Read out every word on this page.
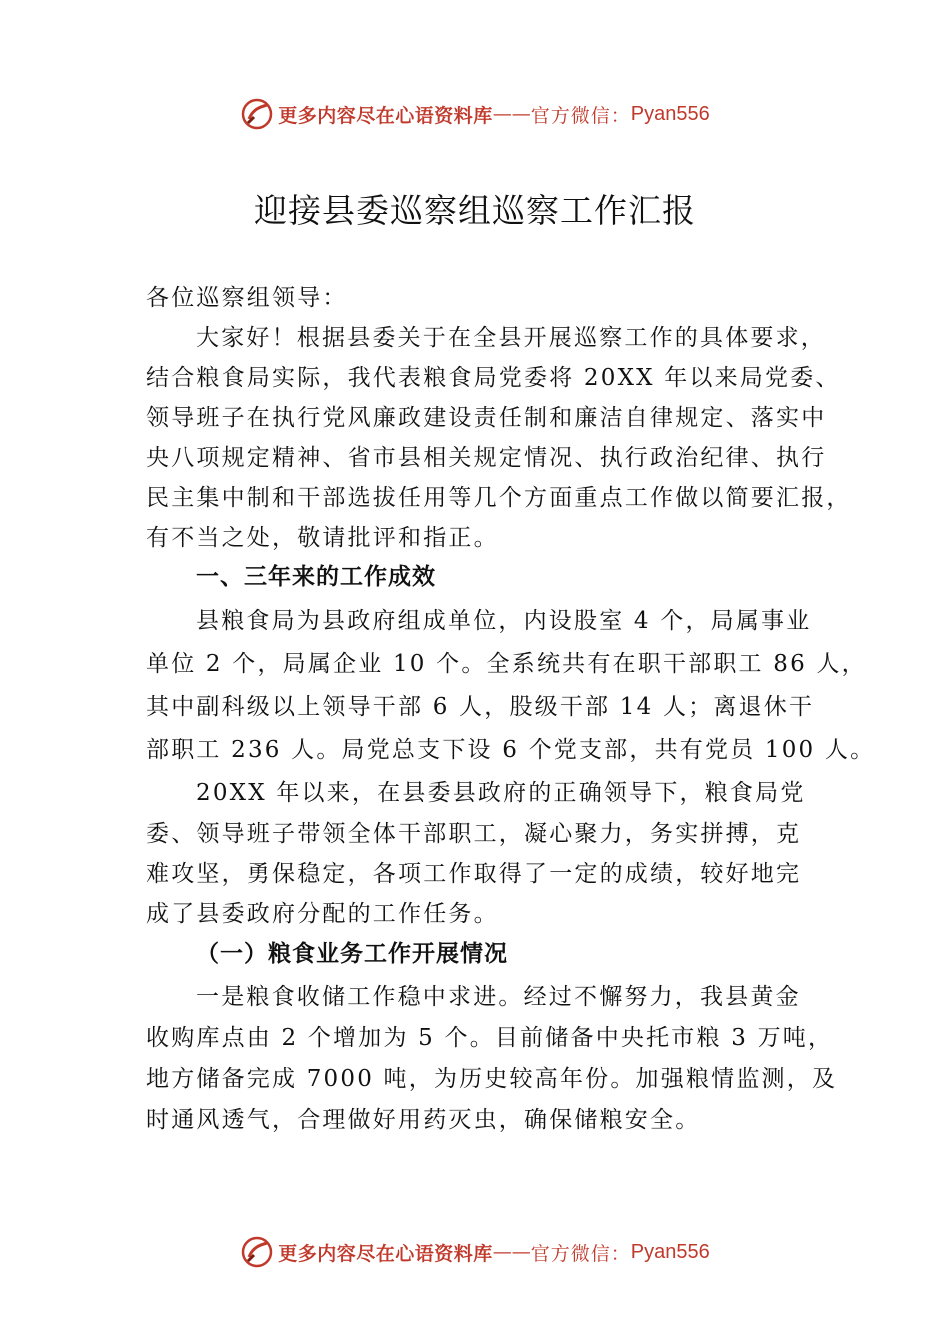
更多内容尽在心语资料库 —— 官方微信： Pyan556
迎接县委巡察组巡察工作汇报
各位巡察组领导：
大家好！根据县委关于在全县开展巡察工作的具体要求，
结合粮食局实际，我代表粮食局党委将 20XX 年以来局党委、
领导班子在执行党风廉政建设责任制和廉洁自律规定、落实中
央八项规定精神、省市县相关规定情况、执行政治纪律、执行
民主集中制和干部选拔任用等几个方面重点工作做以简要汇报，
有不当之处，敬请批评和指正。
一、三年来的工作成效
县粮食局为县政府组成单位，内设股室 4 个，局属事业
单位 2 个，局属企业 10 个。全系统共有在职干部职工 86 人，
其中副科级以上领导干部 6 人，股级干部 14 人；离退休干
部职工 236 人。局党总支下设 6 个党支部，共有党员 100 人。
20XX 年以来，在县委县政府的正确领导下，粮食局党
委、领导班子带领全体干部职工，凝心聚力，务实拼搏，克
难攻坚，勇保稳定，各项工作取得了一定的成绩，较好地完
成了县委政府分配的工作任务。
（一）粮食业务工作开展情况
一是粮食收储工作稳中求进。经过不懈努力，我县黄金
收购库点由 2 个增加为 5 个。目前储备中央托市粮 3 万吨，
地方储备完成 7000 吨，为历史较高年份。加强粮情监测，及
时通风透气，合理做好用药灭虫，确保储粮安全。
更多内容尽在心语资料库 —— 官方微信： Pyan556
